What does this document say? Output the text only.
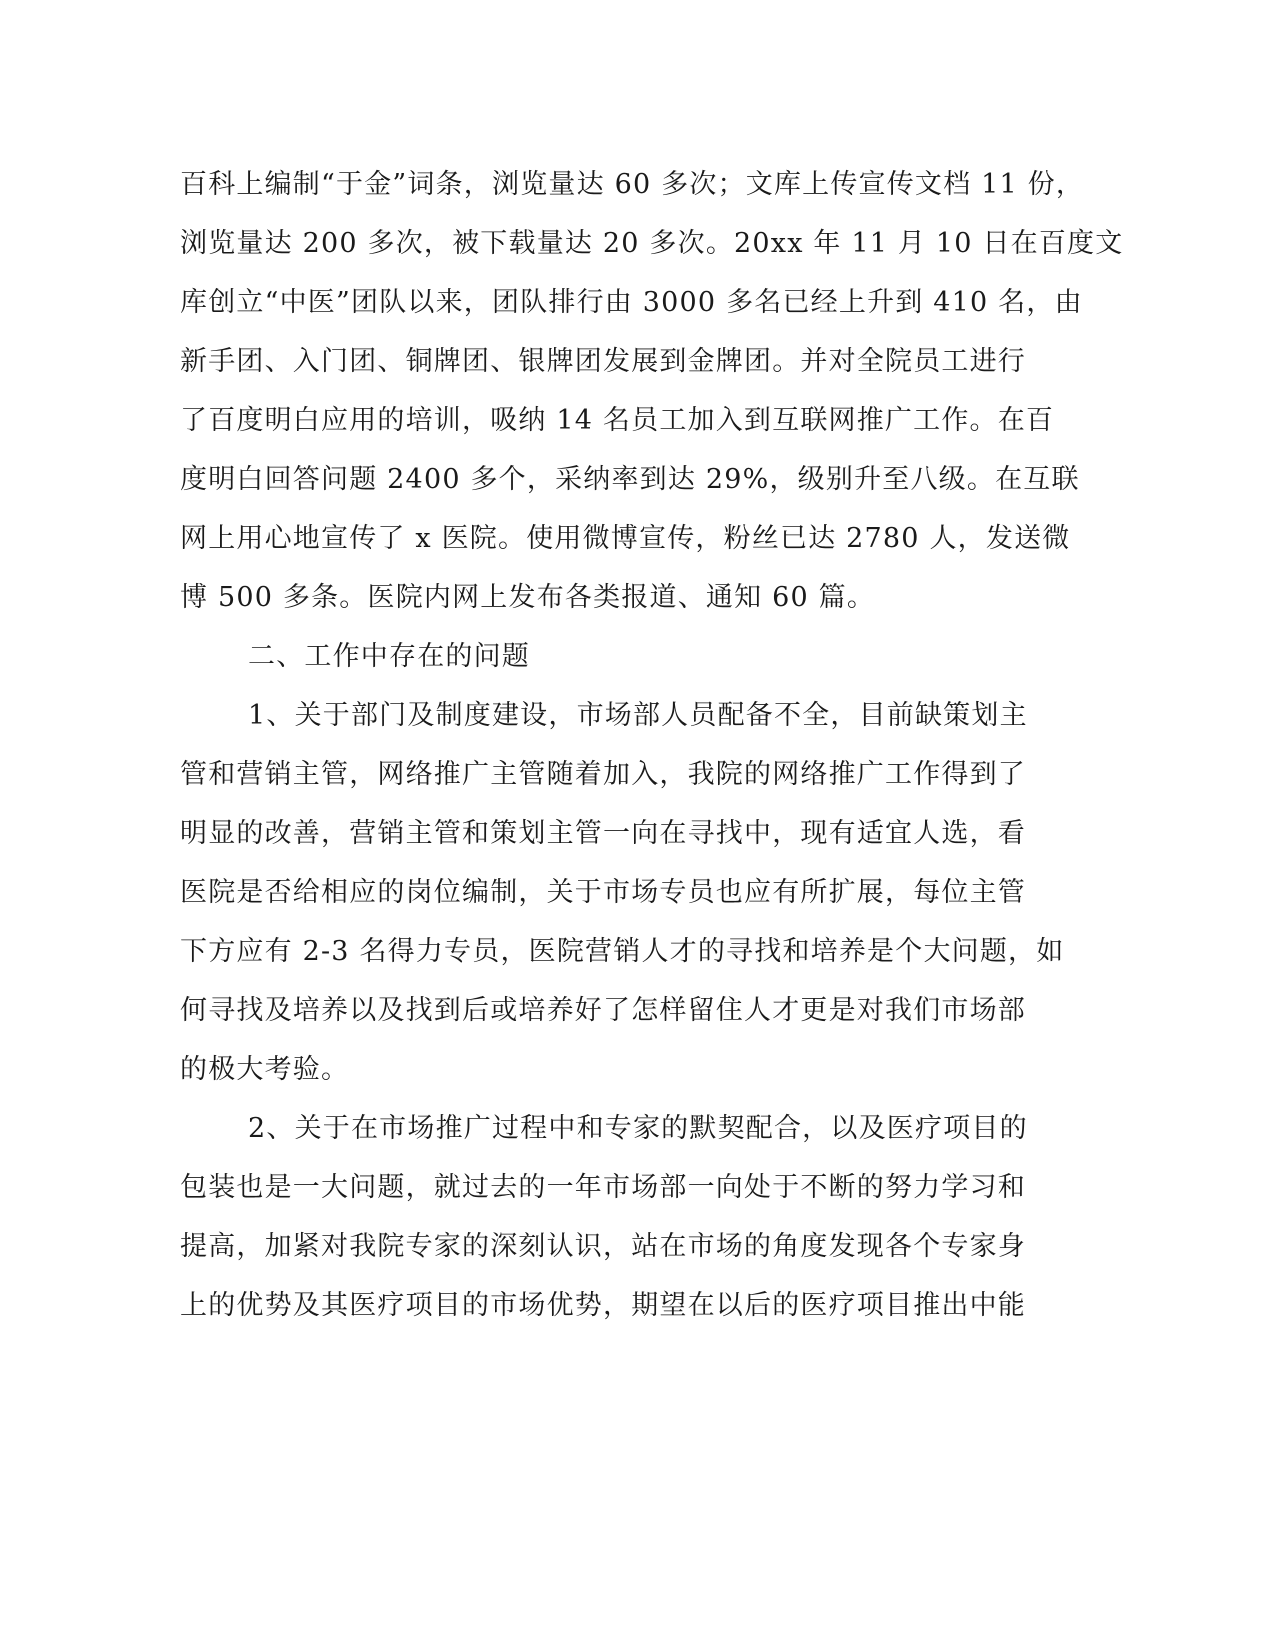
百科上编制“于金”词条，浏览量达 60 多次；文库上传宣传文档 11 份，
浏览量达 200 多次，被下载量达 20 多次。20xx 年 11 月 10 日在百度文
库创立“中医”团队以来，团队排行由 3000 多名已经上升到 410 名，由
新手团、入门团、铜牌团、银牌团发展到金牌团。并对全院员工进行
了百度明白应用的培训，吸纳 14 名员工加入到互联网推广工作。在百
度明白回答问题 2400 多个，采纳率到达 29%，级别升至八级。在互联
网上用心地宣传了 x 医院。使用微博宣传，粉丝已达 2780 人，发送微
博 500 多条。医院内网上发布各类报道、通知 60 篇。
二、工作中存在的问题
1、关于部门及制度建设，市场部人员配备不全，目前缺策划主
管和营销主管，网络推广主管随着加入，我院的网络推广工作得到了
明显的改善，营销主管和策划主管一向在寻找中，现有适宜人选，看
医院是否给相应的岗位编制，关于市场专员也应有所扩展，每位主管
下方应有 2-3 名得力专员，医院营销人才的寻找和培养是个大问题，如
何寻找及培养以及找到后或培养好了怎样留住人才更是对我们市场部
的极大考验。
2、关于在市场推广过程中和专家的默契配合，以及医疗项目的
包装也是一大问题，就过去的一年市场部一向处于不断的努力学习和
提高，加紧对我院专家的深刻认识，站在市场的角度发现各个专家身
上的优势及其医疗项目的市场优势，期望在以后的医疗项目推出中能
